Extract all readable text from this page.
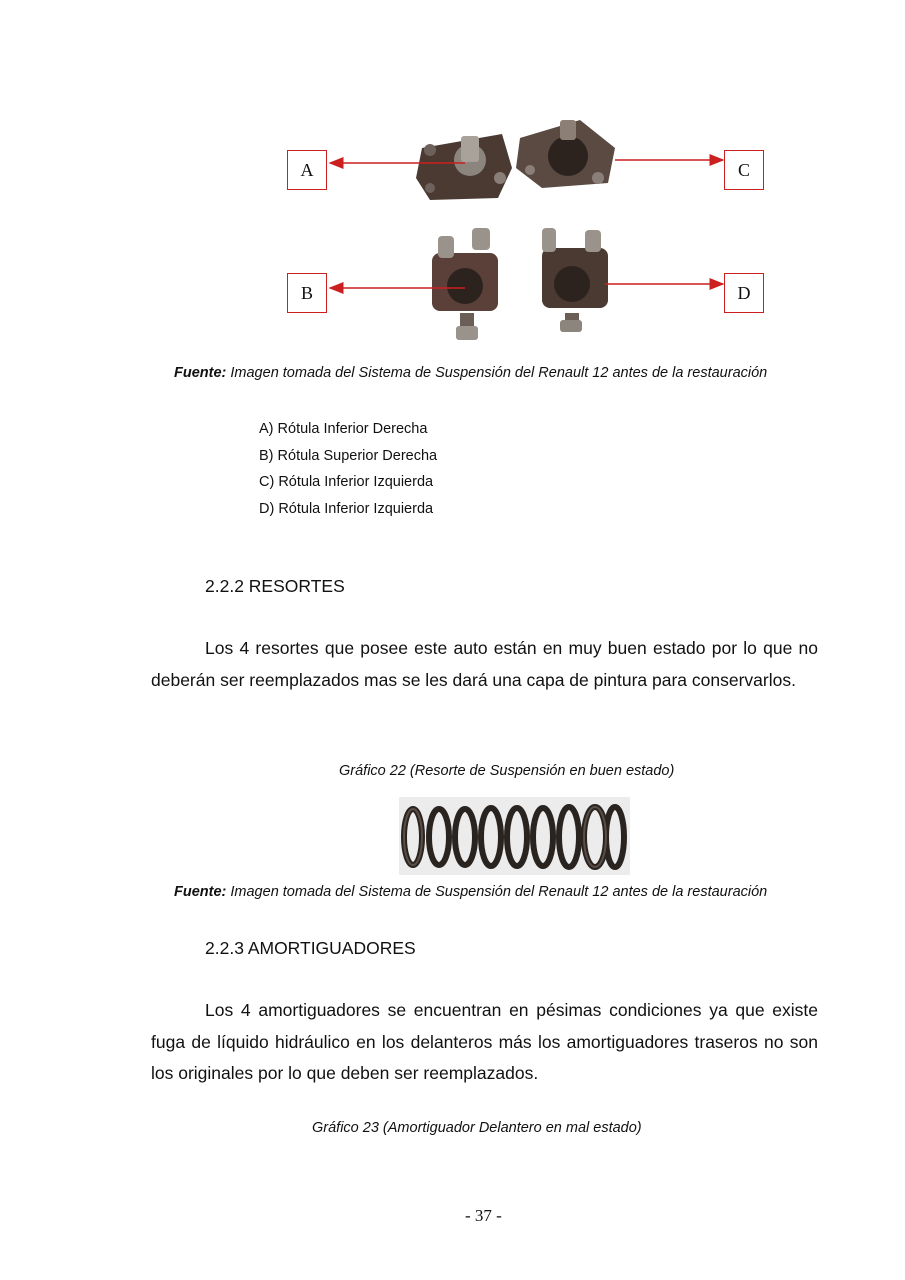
A
B
C
D
Fuente: Imagen tomada del Sistema de Suspensión del Renault 12 antes de la restauración
A) Rótula Inferior Derecha
B) Rótula Superior Derecha
C) Rótula Inferior Izquierda
D) Rótula Inferior Izquierda
2.2.2 RESORTES
Los 4 resortes que posee este auto están en muy buen estado por lo que no deberán ser reemplazados mas se les dará una capa de pintura para conservarlos.
Gráfico 22 (Resorte de Suspensión en buen estado)
Fuente: Imagen tomada del Sistema de Suspensión del Renault 12 antes de la restauración
2.2.3 AMORTIGUADORES
Los 4 amortiguadores se encuentran en pésimas condiciones ya que existe fuga de líquido hidráulico en los delanteros más los amortiguadores traseros no son los originales por lo que deben ser reemplazados.
Gráfico 23 (Amortiguador Delantero en mal estado)
- 37 -
